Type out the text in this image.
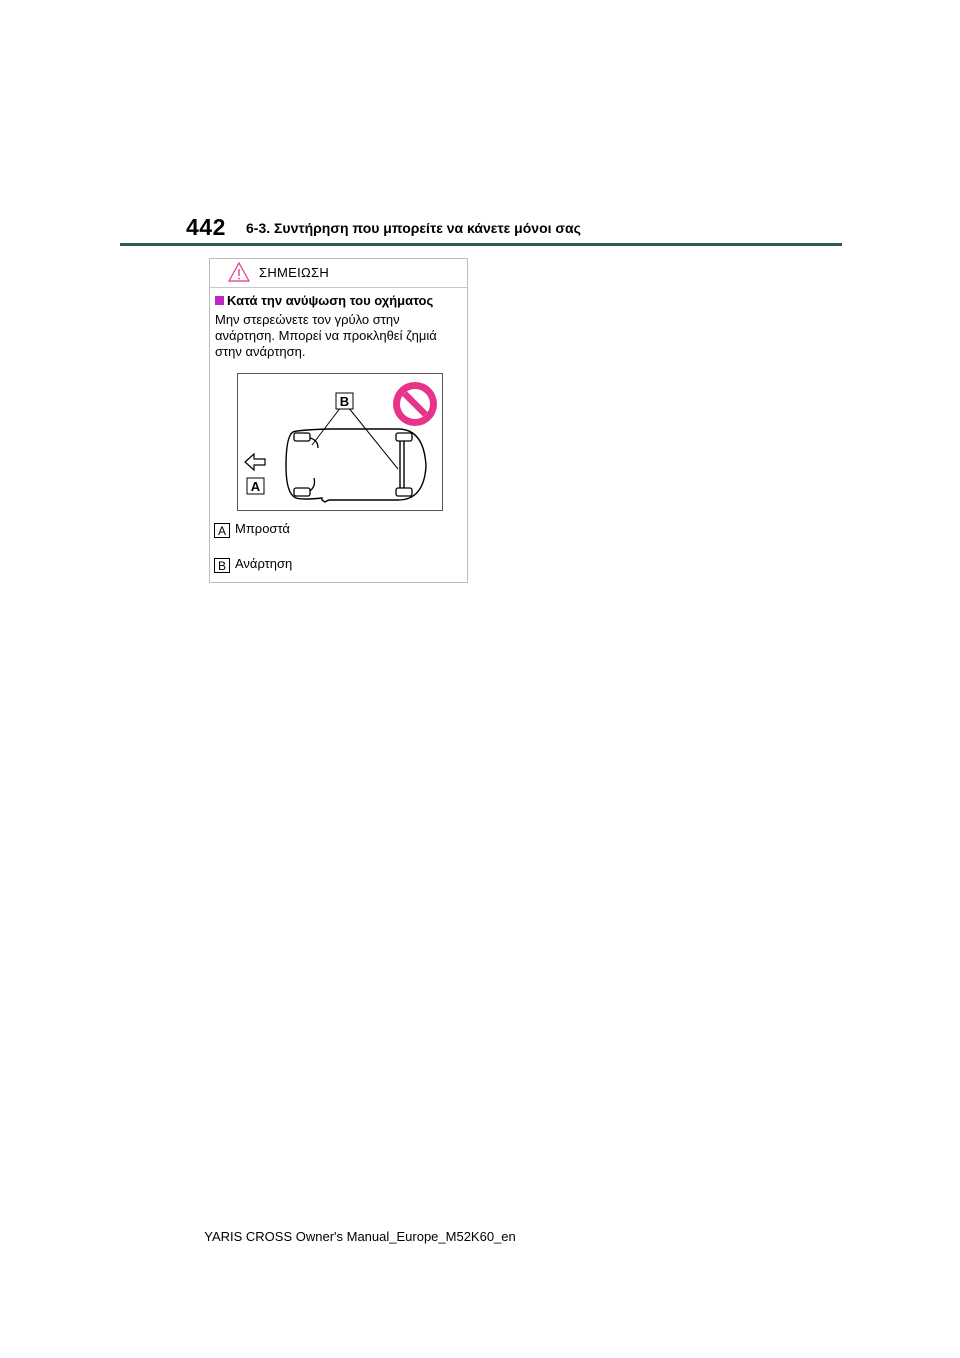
442 6-3. Συντήρηση που μπορείτε να κάνετε μόνοι σας
ΣΗΜΕΙΩΣΗ
Κατά την ανύψωση του οχήματος
Μην στερεώνετε τον γρύλο στην ανάρτηση. Μπορεί να προκληθεί ζημιά στην ανάρτηση.
B
A
A Μπροστά
B Ανάρτηση
YARIS CROSS Owner's Manual_Europe_M52K60_en
